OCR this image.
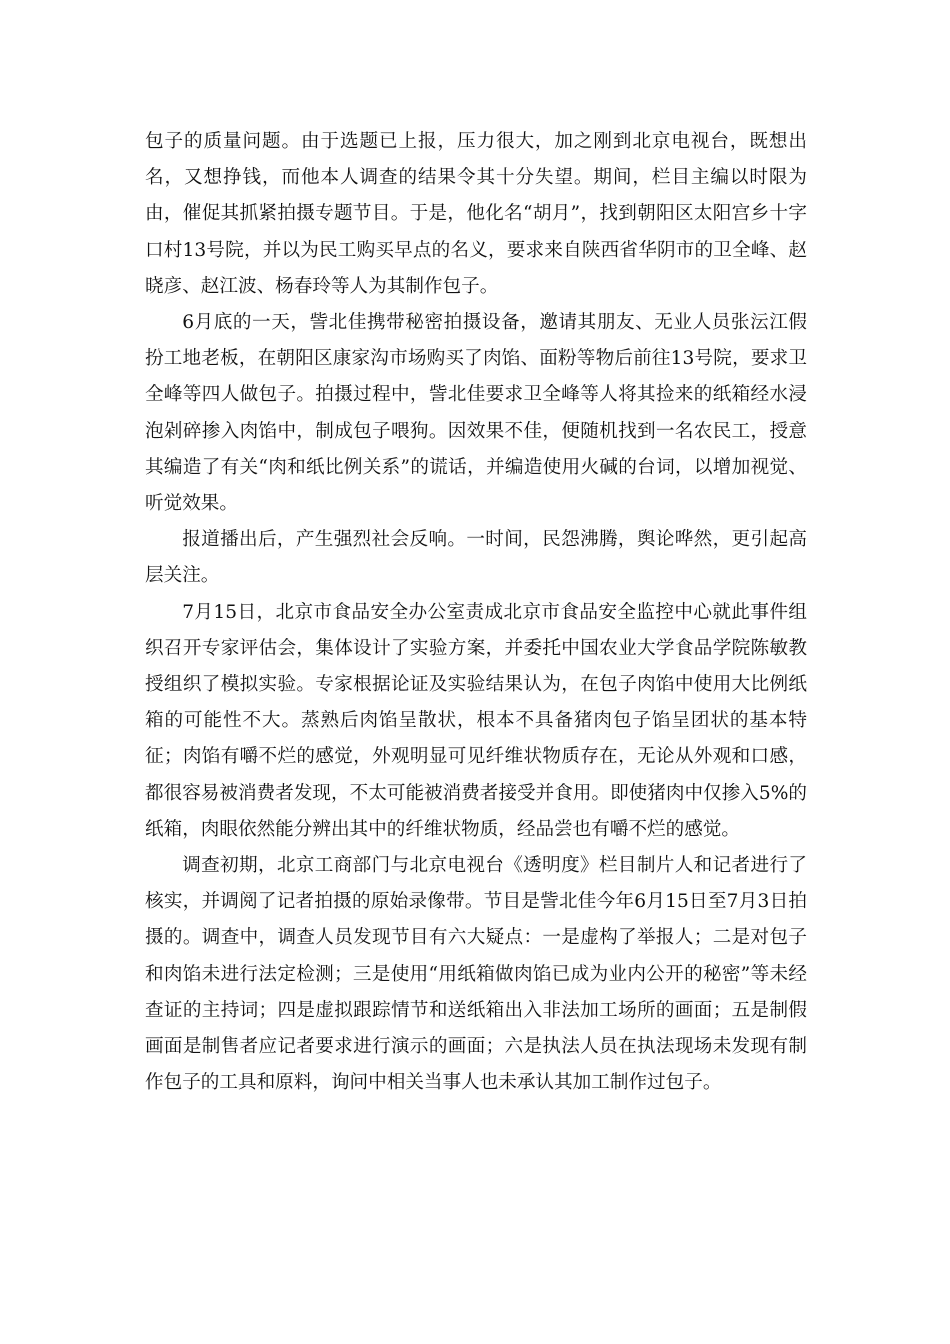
包子的质量问题。由于选题已上报，压力很大，加之刚到北京电视台，既想出名，又想挣钱，而他本人调查的结果令其十分失望。期间，栏目主编以时限为由，催促其抓紧拍摄专题节目。于是，他化名“胡月”，找到朝阳区太阳宫乡十字口村13号院，并以为民工购买早点的名义，要求来自陕西省华阴市的卫全峰、赵晓彦、赵江波、杨春玲等人为其制作包子。

6月底的一天，訾北佳携带秘密拍摄设备，邀请其朋友、无业人员张沄江假扮工地老板，在朝阳区康家沟市场购买了肉馅、面粉等物后前往13号院，要求卫全峰等四人做包子。拍摄过程中，訾北佳要求卫全峰等人将其捡来的纸箱经水浸泡剁碎掺入肉馅中，制成包子喂狗。因效果不佳，便随机找到一名农民工，授意其编造了有关“肉和纸比例关系”的谎话，并编造使用火碱的台词，以增加视觉、听觉效果。

报道播出后，产生强烈社会反响。一时间，民怨沸腾，舆论哗然，更引起高层关注。

7月15日，北京市食品安全办公室责成北京市食品安全监控中心就此事件组织召开专家评估会，集体设计了实验方案，并委托中国农业大学食品学院陈敏教授组织了模拟实验。专家根据论证及实验结果认为，在包子肉馅中使用大比例纸箱的可能性不大。蒸熟后肉馅呈散状，根本不具备猪肉包子馅呈团状的基本特征；肉馅有嚼不烂的感觉，外观明显可见纤维状物质存在，无论从外观和口感，都很容易被消费者发现，不太可能被消费者接受并食用。即使猪肉中仅掺入5%的纸箱，肉眼依然能分辨出其中的纤维状物质，经品尝也有嚼不烂的感觉。

调查初期，北京工商部门与北京电视台《透明度》栏目制片人和记者进行了核实，并调阅了记者拍摄的原始录像带。节目是訾北佳今年6月15日至7月3日拍摄的。调查中，调查人员发现节目有六大疑点：一是虚构了举报人；二是对包子和肉馅未进行法定检测；三是使用“用纸箱做肉馅已成为业内公开的秘密”等未经查证的主持词；四是虚拟跟踪情节和送纸箱出入非法加工场所的画面；五是制假画面是制售者应记者要求进行演示的画面；六是执法人员在执法现场未发现有制作包子的工具和原料，询问中相关当事人也未承认其加工制作过包子。
